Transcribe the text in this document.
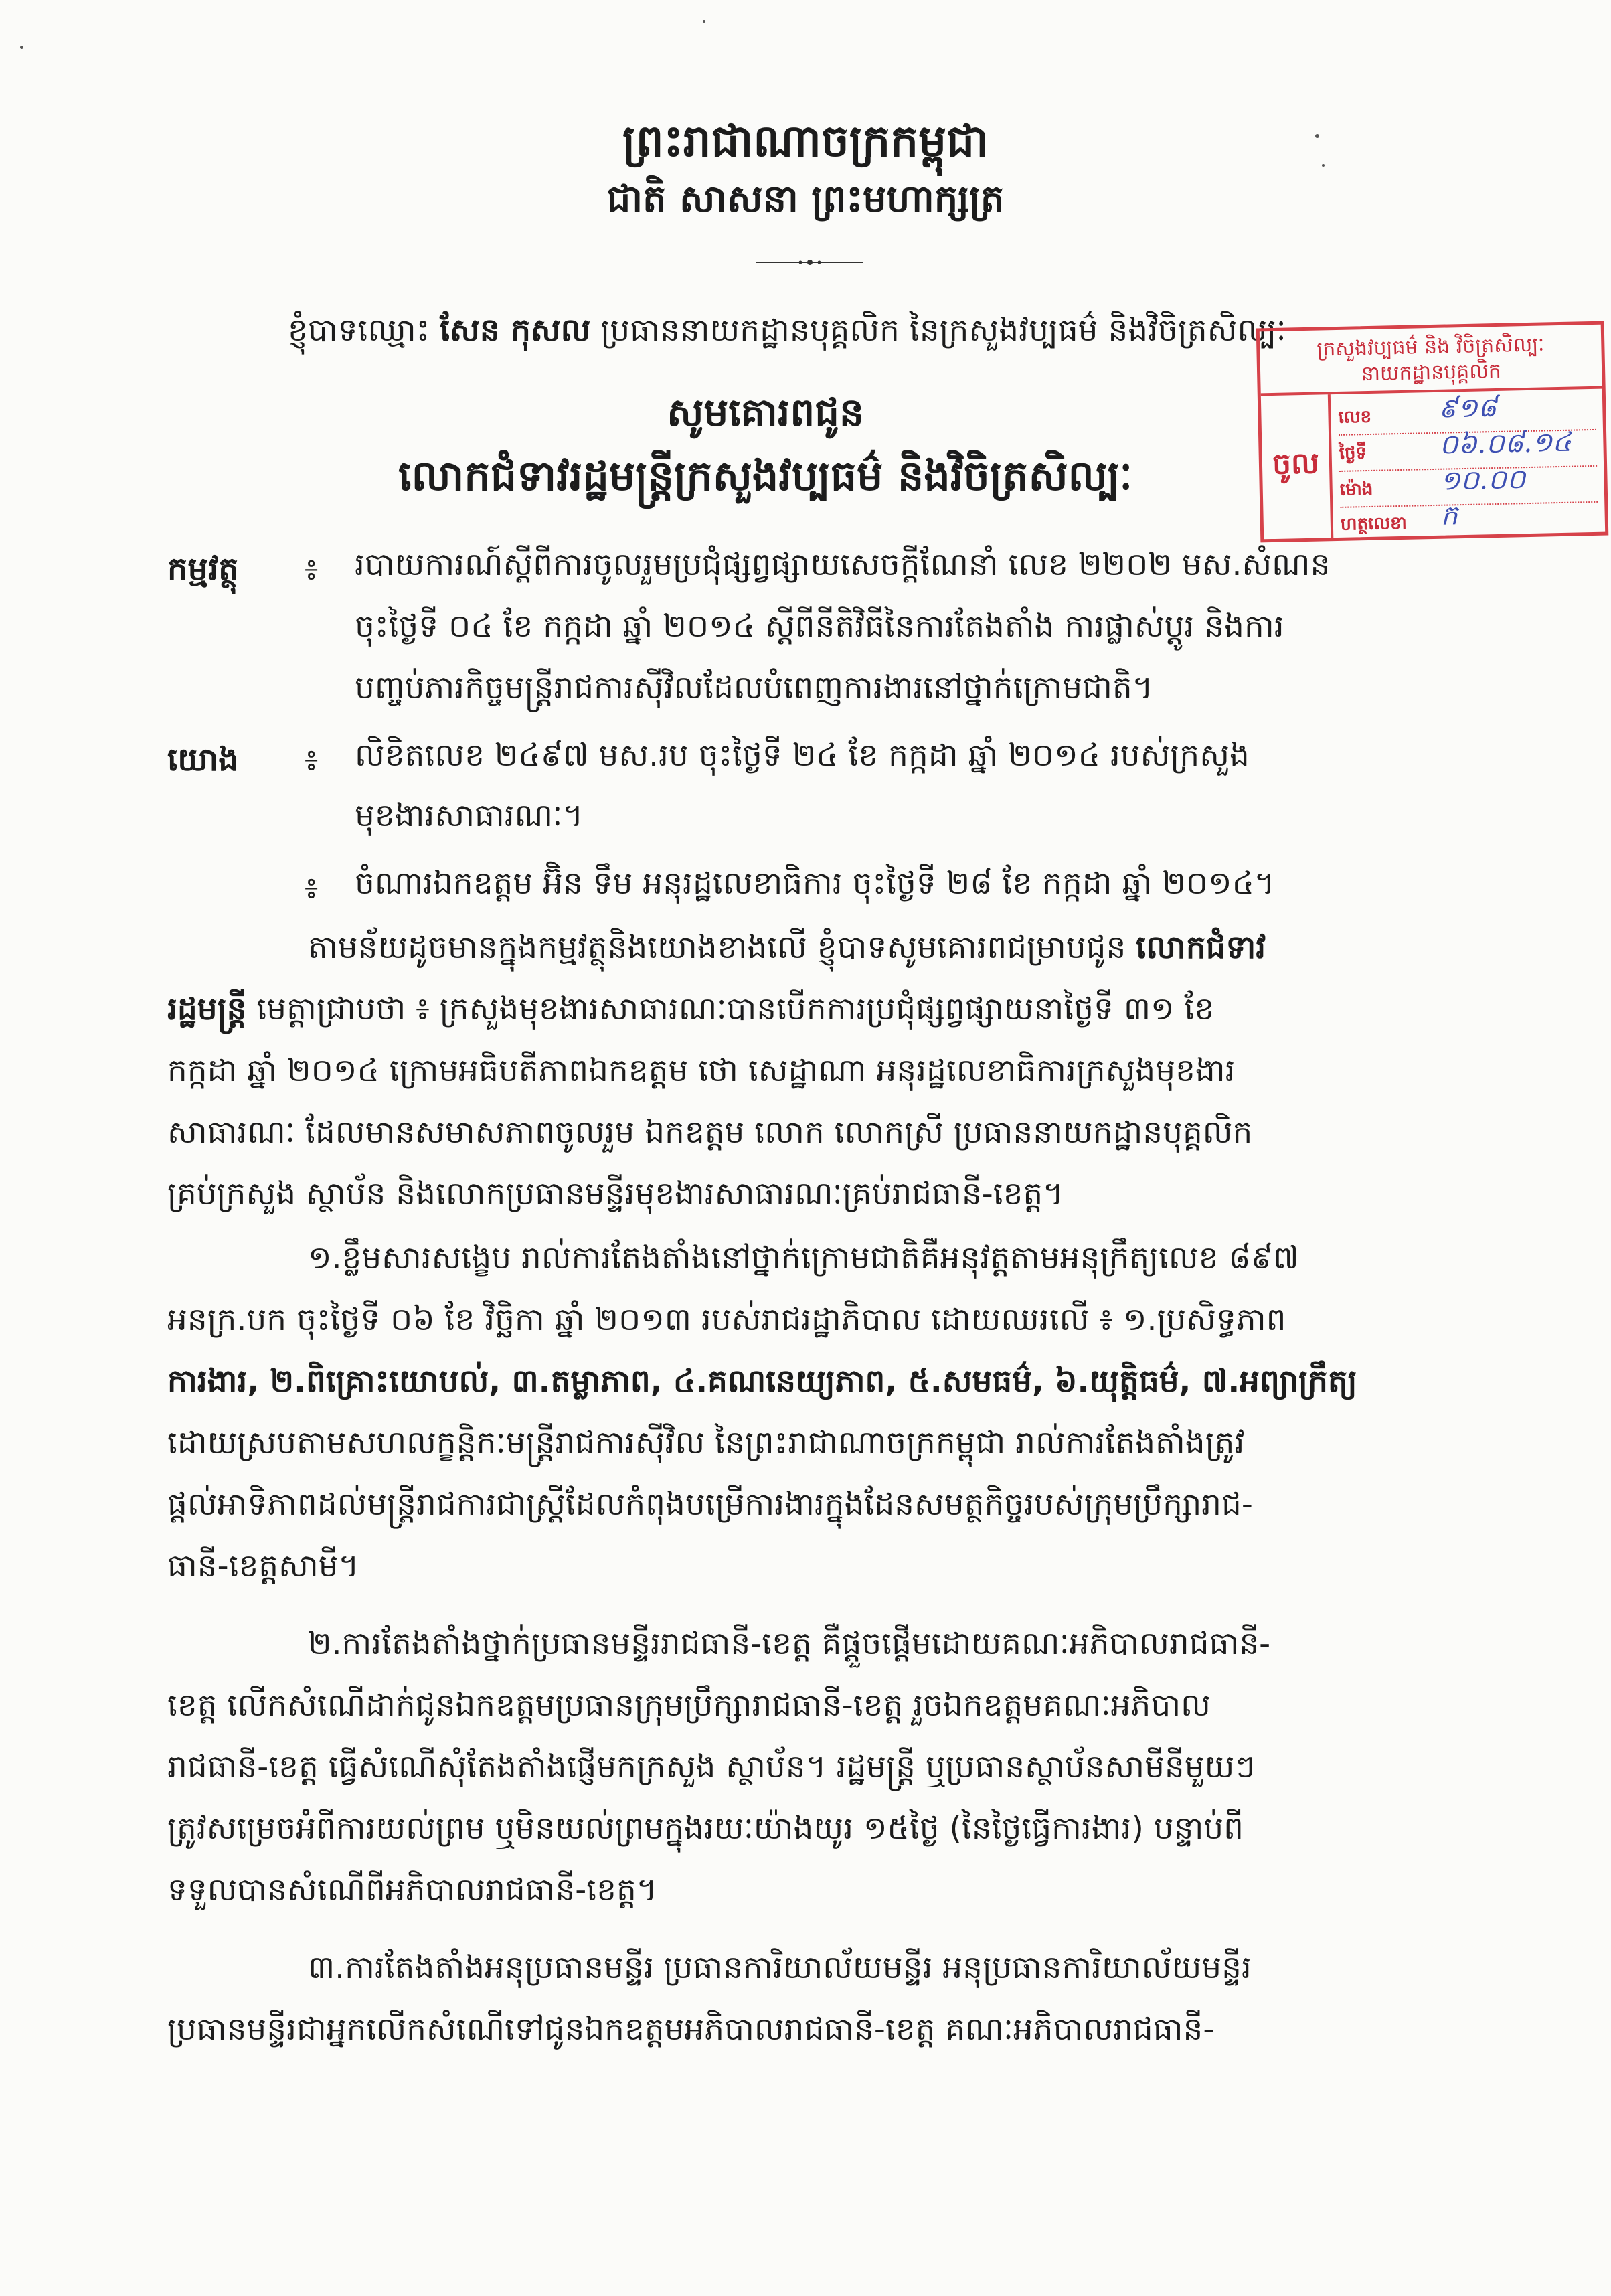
ព្រះរាជាណាចក្រកម្ពុជា
ជាតិ សាសនា ព្រះមហាក្សត្រ
ខ្ញុំបាទឈ្មោះ សែន កុសល ប្រធាននាយកដ្ឋានបុគ្គលិក នៃក្រសួងវប្បធម៌ និងវិចិត្រសិល្បៈ
សូមគោរពជូន
លោកជំទាវរដ្ឋមន្ត្រីក្រសួងវប្បធម៌ និងវិចិត្រសិល្បៈ
ក្រសួងវប្បធម៌ និង វិចិត្រសិល្បៈ
នាយកដ្ឋានបុគ្គលិក
ចូល
លេខ ៩១៨
ថ្ងៃទី	០៦.០៨.១៤
ម៉ោង ១០.០០
ហត្ថលេខា ក
កម្មវត្ថុ ៖ របាយការណ៍ស្តីពីការចូលរួមប្រជុំផ្សព្វផ្សាយសេចក្តីណែនាំ លេខ ២២០២ មស.សំណន
ចុះថ្ងៃទី ០៤ ខែ កក្កដា ឆ្នាំ ២០១៤ ស្តីពីនីតិវិធីនៃការតែងតាំង ការផ្លាស់ប្តូរ និងការ
បញ្ចប់ភារកិច្ចមន្ត្រីរាជការស៊ីវិលដែលបំពេញការងារនៅថ្នាក់ក្រោមជាតិ។
យោង ៖ លិខិតលេខ ២៤៩៧ មស.រប ចុះថ្ងៃទី ២៤ ខែ កក្កដា ឆ្នាំ ២០១៤ របស់ក្រសួង
មុខងារសាធារណៈ។
៖ ចំណារឯកឧត្តម អ៊ិន ទឹម អនុរដ្ឋលេខាធិការ ចុះថ្ងៃទី ២៨ ខែ កក្កដា ឆ្នាំ ២០១៤។
តាមន័យដូចមានក្នុងកម្មវត្ថុនិងយោងខាងលើ ខ្ញុំបាទសូមគោរពជម្រាបជូន លោកជំទាវ
រដ្ឋមន្ត្រី មេត្តាជ្រាបថា ៖ ក្រសួងមុខងារសាធារណៈបានបើកការប្រជុំផ្សព្វផ្សាយនាថ្ងៃទី ៣១ ខែ
កក្កដា ឆ្នាំ ២០១៤ ក្រោមអធិបតីភាពឯកឧត្តម ថោ សេដ្ឋាណា អនុរដ្ឋលេខាធិការក្រសួងមុខងារ
សាធារណៈ ដែលមានសមាសភាពចូលរួម ឯកឧត្តម លោក លោកស្រី ប្រធាននាយកដ្ឋានបុគ្គលិក
គ្រប់ក្រសួង ស្ថាប័ន និងលោកប្រធានមន្ទីរមុខងារសាធារណៈគ្រប់រាជធានី-ខេត្ត។
១.ខ្លឹមសារសង្ខេប រាល់ការតែងតាំងនៅថ្នាក់ក្រោមជាតិគឺអនុវត្តតាមអនុក្រឹត្យលេខ ៨៩៧
អនក្រ.បក ចុះថ្ងៃទី ០៦ ខែ វិច្ឆិកា ឆ្នាំ ២០១៣ របស់រាជរដ្ឋាភិបាល ដោយឈរលើ ៖ ១.ប្រសិទ្ធភាព
ការងារ, ២.ពិគ្រោះយោបល់, ៣.តម្លាភាព, ៤.គណនេយ្យភាព, ៥.សមធម៌, ៦.យុត្តិធម៌, ៧.អព្យាក្រឹត្យ
ដោយស្របតាមសហលក្ខន្តិកៈមន្ត្រីរាជការស៊ីវិល នៃព្រះរាជាណាចក្រកម្ពុជា រាល់ការតែងតាំងត្រូវ
ផ្តល់អាទិភាពដល់មន្ត្រីរាជការជាស្ត្រីដែលកំពុងបម្រើការងារក្នុងដែនសមត្ថកិច្ចរបស់ក្រុមប្រឹក្សារាជ-
ធានី-ខេត្តសាមី។
២.ការតែងតាំងថ្នាក់ប្រធានមន្ទីររាជធានី-ខេត្ត គឺផ្តួចផ្តើមដោយគណៈអភិបាលរាជធានី-
ខេត្ត លើកសំណើដាក់ជូនឯកឧត្តមប្រធានក្រុមប្រឹក្សារាជធានី-ខេត្ត រួចឯកឧត្តមគណៈអភិបាល
រាជធានី-ខេត្ត ធ្វើសំណើសុំតែងតាំងផ្ញើមកក្រសួង ស្ថាប័ន។ រដ្ឋមន្ត្រី ឬប្រធានស្ថាប័នសាមីនីមួយៗ
ត្រូវសម្រេចអំពីការយល់ព្រម ឬមិនយល់ព្រមក្នុងរយៈយ៉ាងយូរ ១៥ថ្ងៃ (នៃថ្ងៃធ្វើការងារ) បន្ទាប់ពី
ទទួលបានសំណើពីអភិបាលរាជធានី-ខេត្ត។
៣.ការតែងតាំងអនុប្រធានមន្ទីរ ប្រធានការិយាល័យមន្ទីរ អនុប្រធានការិយាល័យមន្ទីរ
ប្រធានមន្ទីរជាអ្នកលើកសំណើទៅជូនឯកឧត្តមអភិបាលរាជធានី-ខេត្ត គណៈអភិបាលរាជធានី-
